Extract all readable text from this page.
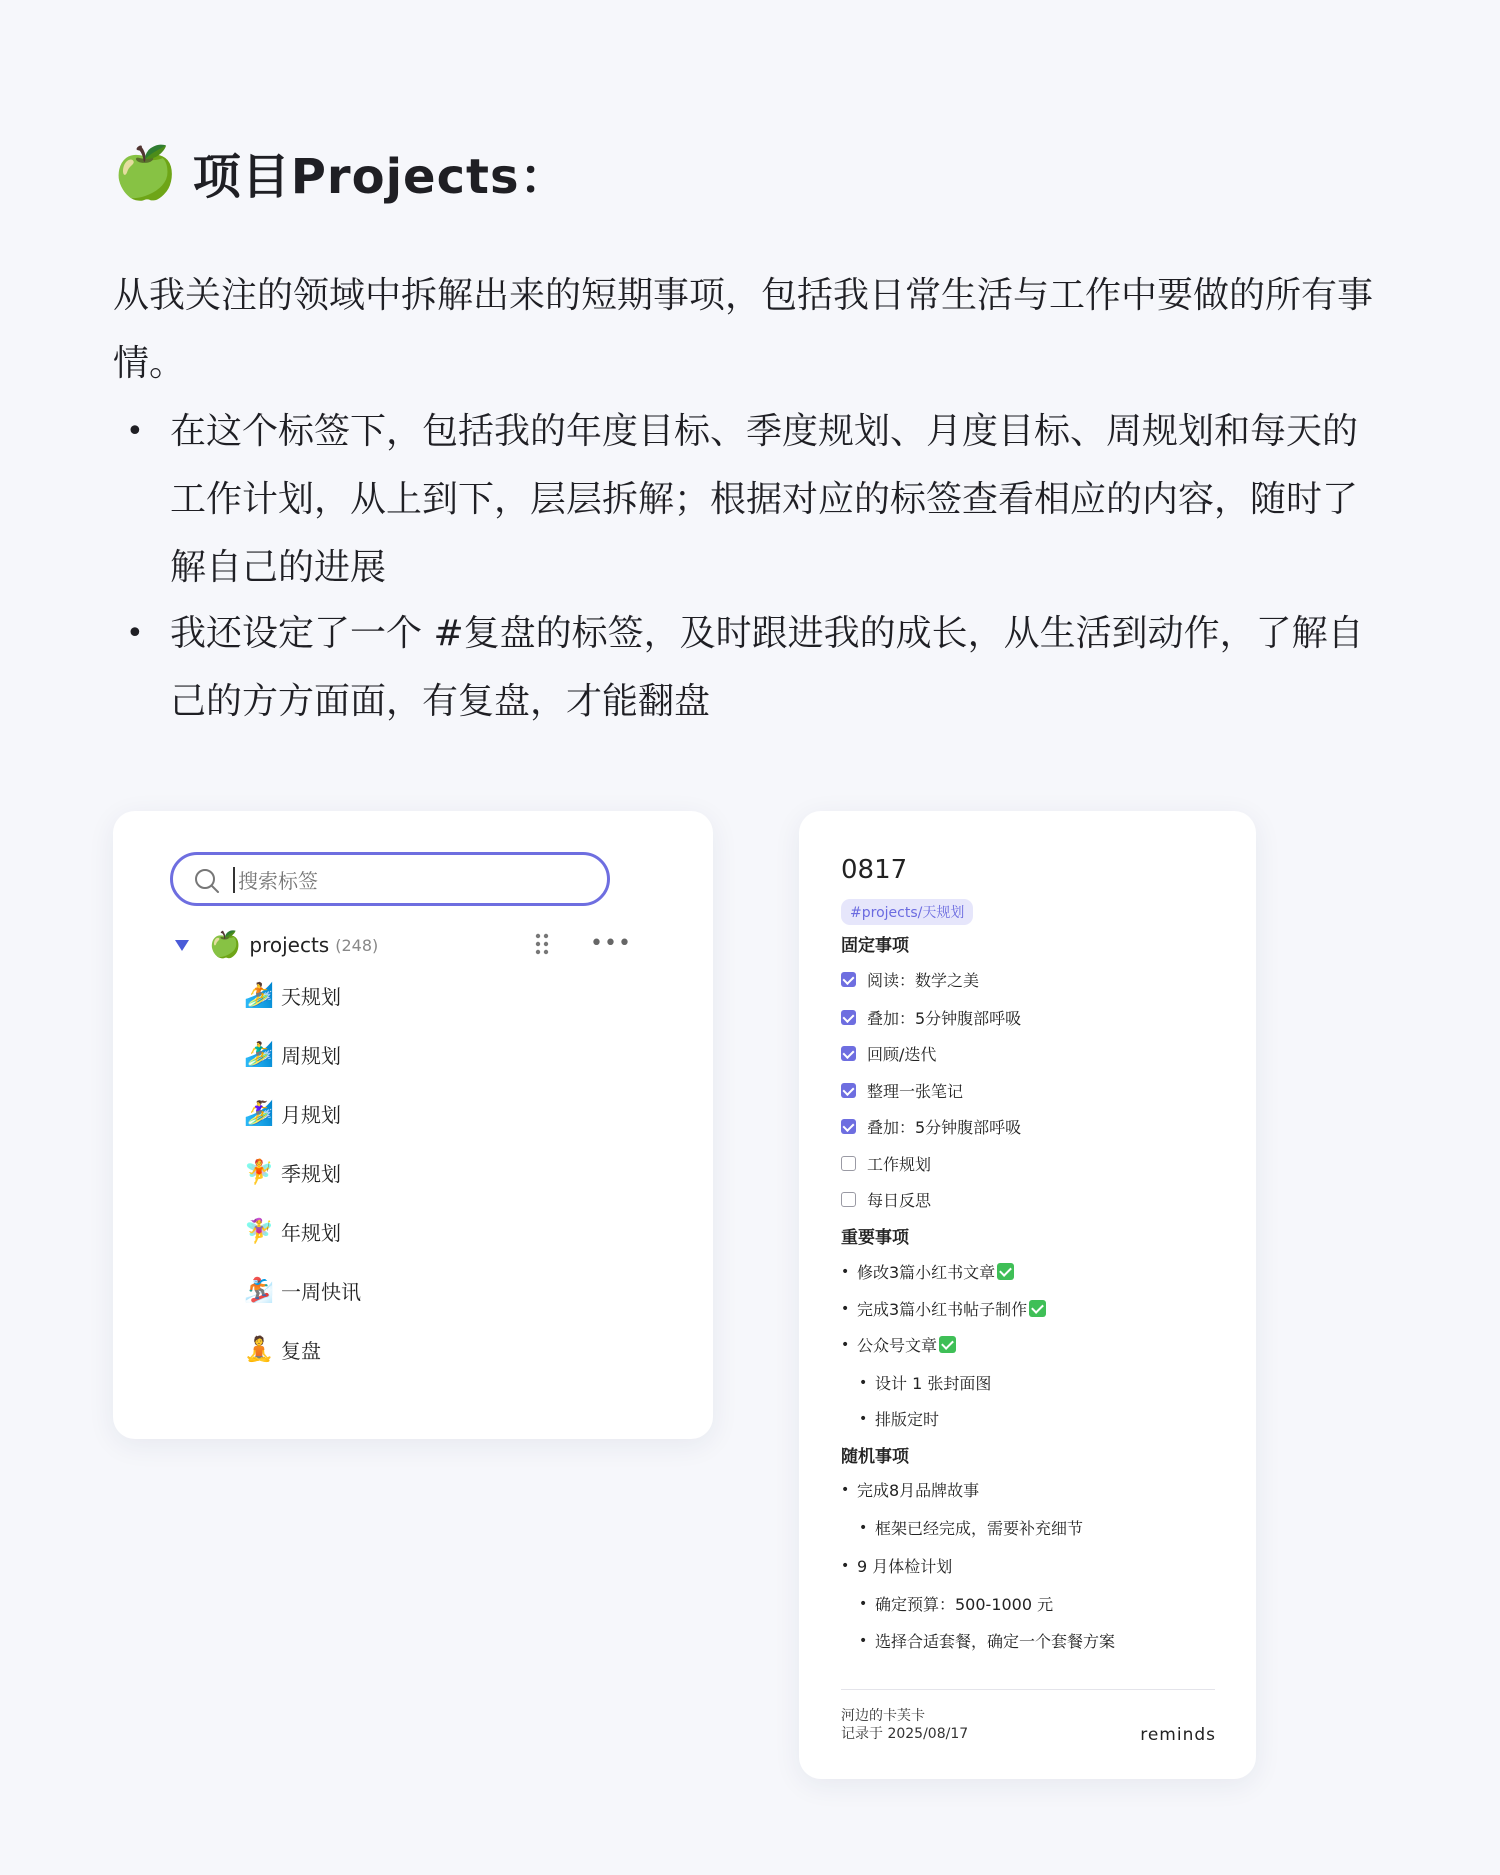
🍏 项目Projects：
从我关注的领域中拆解出来的短期事项，包括我日常生活与工作中要做的所有事情。
• 在这个标签下，包括我的年度目标、季度规划、月度目标、周规划和每天的工作计划，从上到下，层层拆解；根据对应的标签查看相应的内容，随时了解自己的进展
• 我还设定了一个 #复盘的标签，及时跟进我的成长，从生活到动作，了解自己的方方面面，有复盘，才能翻盘
搜索标签
🍏 projects (248)	•••
🏄 天规划
🏄‍♂️ 周规划
🏄‍♀️ 月规划
🧚 季规划
🧚‍♀️ 年规划
🏂 一周快讯
🧘 复盘
0817
#projects/天规划
固定事项
阅读：数学之美
叠加：5分钟腹部呼吸
回顾/迭代
整理一张笔记
叠加：5分钟腹部呼吸
工作规划
每日反思
重要事项
• 修改3篇小红书文章
• 完成3篇小红书帖子制作
• 公众号文章
• 设计 1 张封面图
• 排版定时
随机事项
• 完成8月品牌故事
• 框架已经完成，需要补充细节
• 9 月体检计划
• 确定预算：500-1000 元
• 选择合适套餐，确定一个套餐方案
河边的卡芙卡
记录于 2025/08/17	reminds
